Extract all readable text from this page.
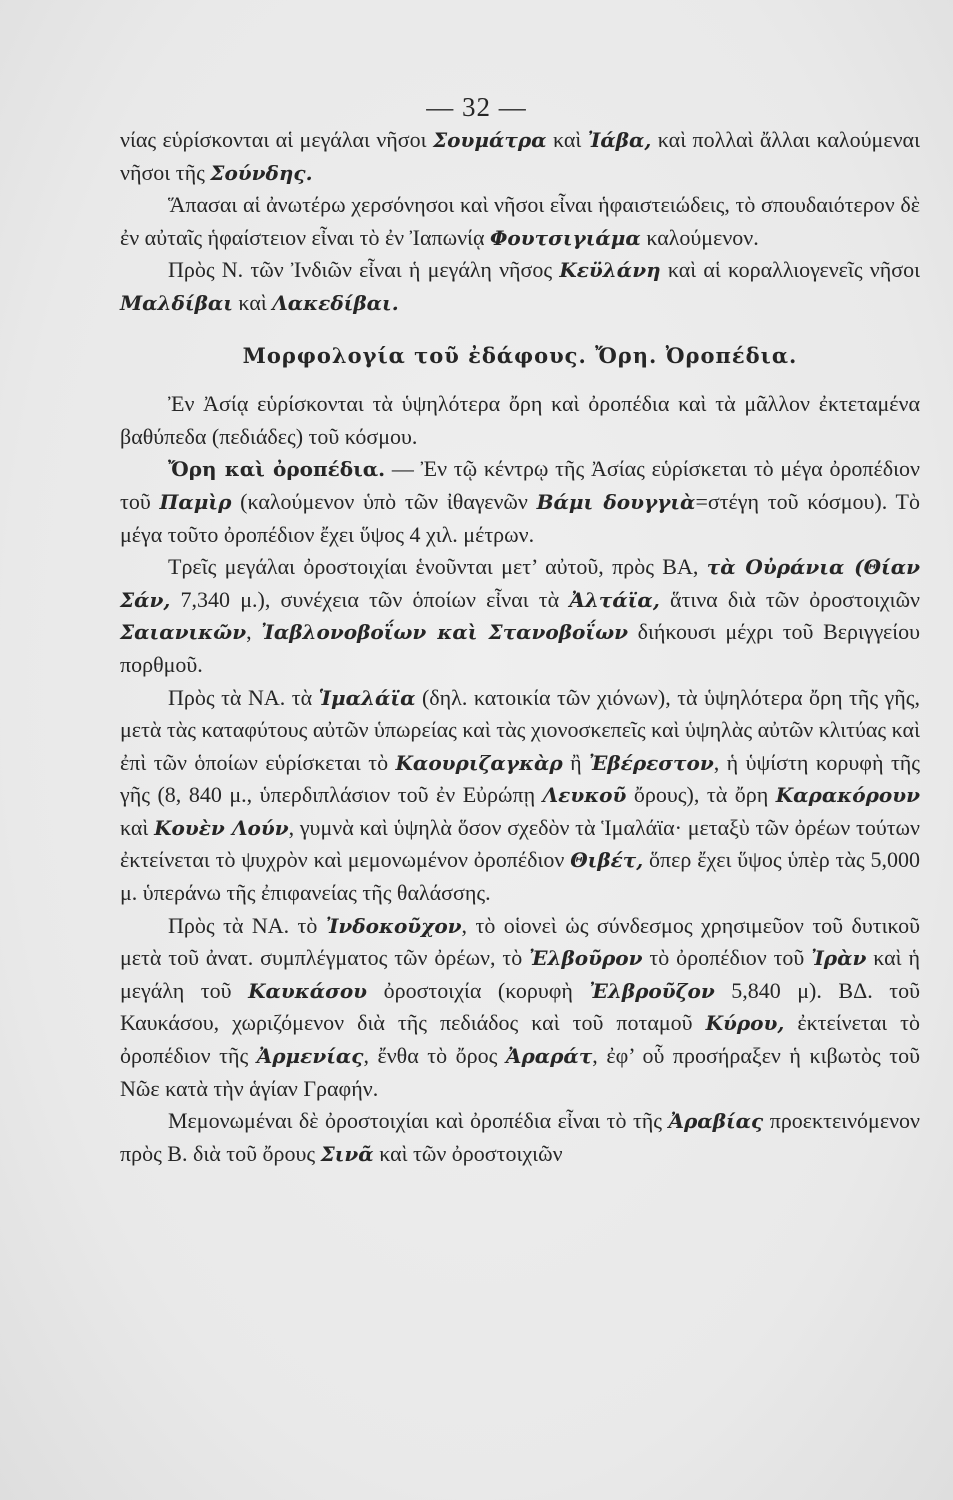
— 32 —

νίας εὑρίσκονται αἱ μεγάλαι νῆσοι Σουμάτρα καὶ Ἰάβα, καὶ πολλαὶ ἄλλαι καλούμεναι νῆσοι τῆς Σούνδης.

Ἅπασαι αἱ ἀνωτέρω χερσόνησοι καὶ νῆσοι εἶναι ἡφαιστειώδεις, τὸ σπουδαιότερον δὲ ἐν αὐταῖς ἡφαίστειον εἶναι τὸ ἐν Ἰαπωνίᾳ Φουτσιγιάμα καλούμενον.

Πρὸς Ν. τῶν Ἰνδιῶν εἶναι ἡ μεγάλη νῆσος Κεϋλάνη καὶ αἱ κοραλλιογενεῖς νῆσοι Μαλδίβαι καὶ Λακεδίβαι.

Μορφολογία τοῦ ἐδάφους. Ὄρη. Ὀροπέδια.

Ἐν Ἀσίᾳ εὑρίσκονται τὰ ὑψηλότερα ὄρη καὶ ὀροπέδια καὶ τὰ μᾶλλον ἐκτεταμένα βαθύπεδα (πεδιάδες) τοῦ κόσμου.

Ὄρη καὶ ὀροπέδια. — Ἐν τῷ κέντρῳ τῆς Ἀσίας εὑρίσκεται τὸ μέγα ὀροπέδιον τοῦ Παμὶρ (καλούμενον ὑπὸ τῶν ἰθαγενῶν Βάμι δουγγιὰ=στέγη τοῦ κόσμου). Τὸ μέγα τοῦτο ὀροπέδιον ἔχει ὕψος 4 χιλ. μέτρων.

Τρεῖς μεγάλαι ὀροστοιχίαι ἑνοῦνται μετ’ αὐτοῦ, πρὸς ΒΑ, τὰ Οὐράνια (Θίαν Σάν, 7,340 μ.), συνέχεια τῶν ὁποίων εἶναι τὰ Ἀλτάϊα, ἅτινα διὰ τῶν ὀροστοιχιῶν Σαιανικῶν, Ἰαβλονοβοΐων καὶ Στανοβοΐων διήκουσι μέχρι τοῦ Βεριγγείου πορθμοῦ.

Πρὸς τὰ ΝΑ. τὰ Ἱμαλάϊα (δηλ. κατοικία τῶν χιόνων), τὰ ὑψηλότερα ὄρη τῆς γῆς, μετὰ τὰς καταφύτους αὐτῶν ὑπωρείας καὶ τὰς χιονοσκεπεῖς καὶ ὑψηλὰς αὐτῶν κλιτύας καὶ ἐπὶ τῶν ὁποίων εὑρίσκεται τὸ Καουριζαγκὰρ ἢ Ἐβέρεστον, ἡ ὑψίστη κορυφὴ τῆς γῆς (8, 840 μ., ὑπερδιπλάσιον τοῦ ἐν Εὐρώπῃ Λευκοῦ ὄρους), τὰ ὄρη Καρακόρουν καὶ Κουὲν Λούν, γυμνὰ καὶ ὑψηλὰ ὅσον σχεδὸν τὰ Ἱμαλάϊα· μεταξὺ τῶν ὀρέων τούτων ἐκτείνεται τὸ ψυχρὸν καὶ μεμονωμένον ὀροπέδιον Θιβέτ, ὅπερ ἔχει ὕψος ὑπὲρ τὰς 5,000 μ. ὑπεράνω τῆς ἐπιφανείας τῆς θαλάσσης.

Πρὸς τὰ ΝΑ. τὸ Ἰνδοκοῦχον, τὸ οἱονεὶ ὡς σύνδεσμος χρησιμεῦον τοῦ δυτικοῦ μετὰ τοῦ ἀνατ. συμπλέγματος τῶν ὀρέων, τὸ Ἐλβοῦρον τὸ ὀροπέδιον τοῦ Ἰρὰν καὶ ἡ μεγάλη τοῦ Καυκάσου ὀροστοιχία (κορυφὴ Ἐλβροῦζον 5,840 μ). ΒΔ. τοῦ Καυκάσου, χωριζόμενον διὰ τῆς πεδιάδος καὶ τοῦ ποταμοῦ Κύρου, ἐκτείνεται τὸ ὀροπέδιον τῆς Ἀρμενίας, ἔνθα τὸ ὄρος Ἀραράτ, ἐφ’ οὗ προσήραξεν ἡ κιβωτὸς τοῦ Νῶε κατὰ τὴν ἁγίαν Γραφήν.

Μεμονωμέναι δὲ ὀροστοιχίαι καὶ ὀροπέδια εἶναι τὸ τῆς Ἀραβίας προεκτεινόμενον πρὸς Β. διὰ τοῦ ὄρους Σινᾶ καὶ τῶν ὀροστοιχιῶν
